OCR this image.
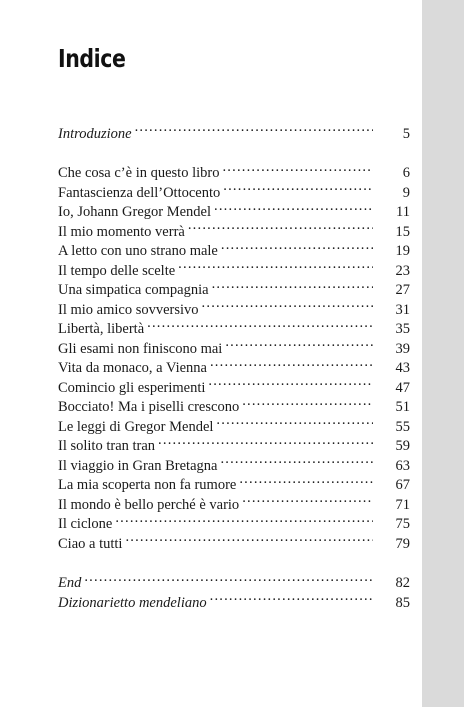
Indice
Introduzione .....	5
Che cosa c’è in questo libro .....	6
Fantascienza dell’Ottocento .....	9
Io, Johann Gregor Mendel .....	11
Il mio momento verrà .....	15
A letto con uno strano male .....	19
Il tempo delle scelte .....	23
Una simpatica compagnia .....	27
Il mio amico sovversivo .....	31
Libertà, libertà .....	35
Gli esami non finiscono mai .....	39
Vita da monaco, a Vienna .....	43
Comincio gli esperimenti .....	47
Bocciato! Ma i piselli crescono .....	51
Le leggi di Gregor Mendel .....	55
Il solito tran tran .....	59
Il viaggio in Gran Bretagna .....	63
La mia scoperta non fa rumore .....	67
Il mondo è bello perché è vario .....	71
Il ciclone .....	75
Ciao a tutti .....	79
End .....	82
Dizionarietto mendeliano .....	85
